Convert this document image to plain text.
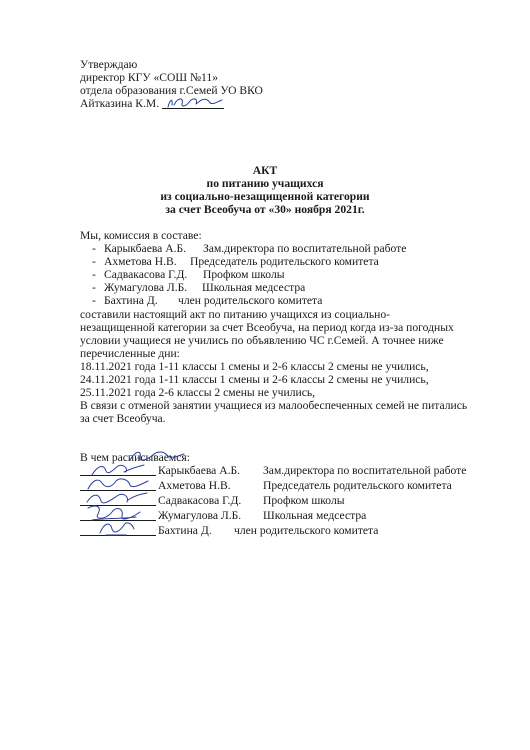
Утверждаю
директор КГУ «СОШ №11»
отдела образования г.Семей УО ВКО
Айтказина К.М.
АКТ
по питанию учащихся
из социально-незащищенной категории
за счет Всеобуча от «30» ноября 2021г.
Мы, комиссия в составе:
- Карыкбаева А.Б. Зам.директора по воспитательной работе
- Ахметова Н.В. Председатель родительского комитета
- Садвакасова Г.Д. Профком школы
- Жумагулова Л.Б. Школьная медсестра
- Бахтина Д. член родительского комитета
составили настоящий акт по питанию учащихся из социально-
незащищенной категории за счет Всеобуча, на период когда из-за погодных
условии учащиеся не учились по объявлению ЧС г.Семей. А точнее ниже
перечисленные дни:
18.11.2021 года 1-11 классы 1 смены и 2-6 классы 2 смены не учились,
24.11.2021 года 1-11 классы 1 смены и 2-6 классы 2 смены не учились,
25.11.2021 года 2-6 классы 2 смены не учились,
В связи с отменой занятии учащиеся из малообеспеченных семей не питались
за счет Всеобуча.
В чем расписываемся:
Карыкбаева А.Б. Зам.директора по воспитательной работе
Ахметова Н.В.	Председатель родительского комитета
Садвакасова Г.Д. Профком школы
Жумагулова Л.Б. Школьная медсестра
Бахтина Д. член родительского комитета
